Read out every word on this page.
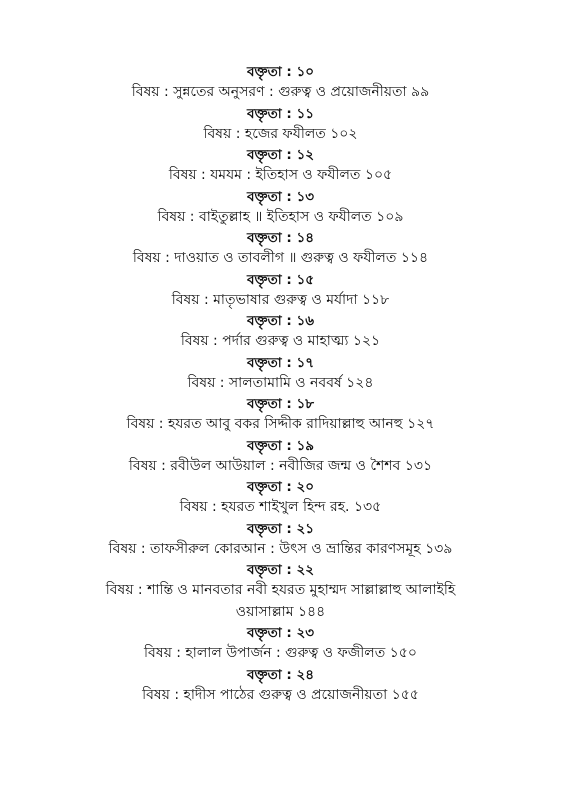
বক্তৃতা : ১০
বিষয় : সুন্নতের অনুসরণ : গুরুত্ব ও প্রয়োজনীয়তা ৯৯
বক্তৃতা : ১১
বিষয় : হজের ফযীলত ১০২
বক্তৃতা : ১২
বিষয় : যমযম : ইতিহাস ও ফযীলত ১০৫
বক্তৃতা : ১৩
বিষয় : বাইতুল্লাহ ॥ ইতিহাস ও ফযীলত ১০৯
বক্তৃতা : ১৪
বিষয় : দাওয়াত ও তাবলীগ ॥ গুরুত্ব ও ফযীলত ১১৪
বক্তৃতা : ১৫
বিষয় : মাতৃভাষার গুরুত্ব ও মর্যাদা ১১৮
বক্তৃতা : ১৬
বিষয় : পর্দার গুরুত্ব ও মাহাত্ম্য ১২১
বক্তৃতা : ১৭
বিষয় : সালতামামি ও নববর্ষ ১২৪
বক্তৃতা : ১৮
বিষয় : হযরত আবু বকর সিদ্দীক রাদিয়াল্লাহু আনহু ১২৭
বক্তৃতা : ১৯
বিষয় : রবীউল আউয়াল : নবীজির জন্ম ও শৈশব ১৩১
বক্তৃতা : ২০
বিষয় : হযরত শাইখুল হিন্দ রহ. ১৩৫
বক্তৃতা : ২১
বিষয় : তাফসীরুল কোরআন : উৎস ও ভ্রান্তির কারণসমূহ ১৩৯
বক্তৃতা : ২২
বিষয় : শান্তি ও মানবতার নবী হযরত মুহাম্মদ সাল্লাল্লাহু আলাইহি
ওয়াসাল্লাম ১৪৪
বক্তৃতা : ২৩
বিষয় : হালাল উপার্জন : গুরুত্ব ও ফজীলত ১৫০
বক্তৃতা : ২৪
বিষয় : হাদীস পাঠের গুরুত্ব ও প্রয়োজনীয়তা ১৫৫
